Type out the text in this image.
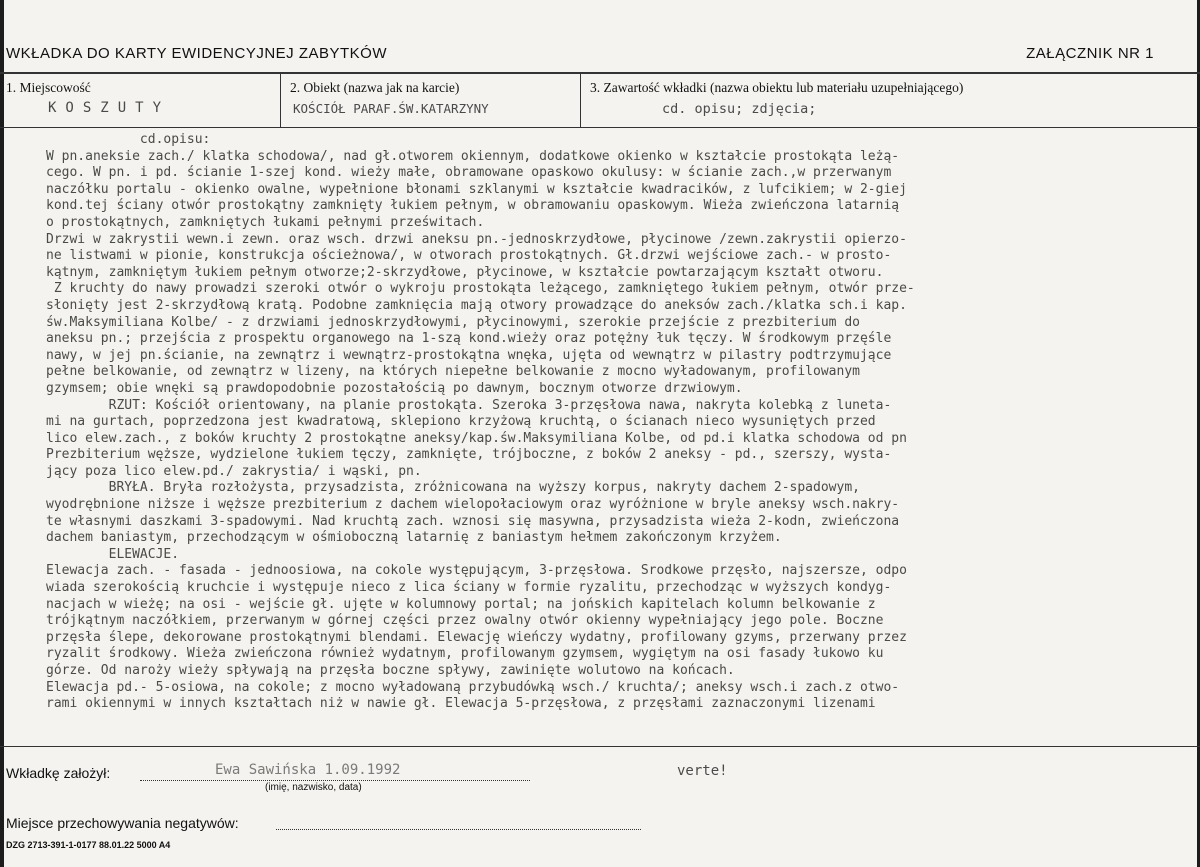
WKŁADKA DO KARTY EWIDENCYJNEJ ZABYTKÓW	ZAŁĄCZNIK NR 1
1. Miejscowość
KOSZUTY
2. Obiekt (nazwa jak na karcie)
KOŚCIÓŁ PARAF.ŚW.KATARZYNY
3. Zawartość wkładki (nazwa obiektu lub materiału uzupełniającego)
cd. opisu; zdjęcia;
cd.opisu:
W pn.aneksie zach./ klatka schodowa/, nad gł.otworem okiennym, dodatkowe okienko w kształcie prostokąta leżą-
cego. W pn. i pd. ścianie 1-szej kond. wieży małe, obramowane opaskowo okulusy: w ścianie zach.,w przerwanym
naczółku portalu - okienko owalne, wypełnione błonami szklanymi w kształcie kwadracików, z lufcikiem; w 2-giej
kond.tej ściany otwór prostokątny zamknięty łukiem pełnym, w obramowaniu opaskowym. Wieża zwieńczona latarnią
o prostokątnych, zamkniętych łukami pełnymi prześwitach.
Drzwi w zakrystii wewn.i zewn. oraz wsch. drzwi aneksu pn.-jednoskrzydłowe, płycinowe /zewn.zakrystii opierzo-
ne listwami w pionie, konstrukcja ościeżnowa/, w otworach prostokątnych. Gł.drzwi wejściowe zach.- w prosto-
kątnym, zamkniętym łukiem pełnym otworze;2-skrzydłowe, płycinowe, w kształcie powtarzającym kształt otworu.
Z kruchty do nawy prowadzi szeroki otwór o wykroju prostokąta leżącego, zamkniętego łukiem pełnym, otwór prze-
słonięty jest 2-skrzydłową kratą. Podobne zamknięcia mają otwory prowadzące do aneksów zach./klatka sch.i kap.
św.Maksymiliana Kolbe/ - z drzwiami jednoskrzydłowymi, płycinowymi, szerokie przejście z prezbiterium do
aneksu pn.; przejścia z prospektu organowego na 1-szą kond.wieży oraz potężny łuk tęczy. W środkowym przęśle
nawy, w jej pn.ścianie, na zewnątrz i wewnątrz-prostokątna wnęka, ujęta od wewnątrz w pilastry podtrzymujące
pełne belkowanie, od zewnątrz w lizeny, na których niepełne belkowanie z mocno wyładowanym, profilowanym
gzymsem; obie wnęki są prawdopodobnie pozostałością po dawnym, bocznym otworze drzwiowym.
RZUT: Kościół orientowany, na planie prostokąta. Szeroka 3-przęsłowa nawa, nakryta kolebką z luneta-
mi na gurtach, poprzedzona jest kwadratową, sklepiono krzyżową kruchtą, o ścianach nieco wysuniętych przed
lico elew.zach., z boków kruchty 2 prostokątne aneksy/kap.św.Maksymiliana Kolbe, od pd.i klatka schodowa od pn
Prezbiterium węższe, wydzielone łukiem tęczy, zamknięte, trójboczne, z boków 2 aneksy - pd., szerszy, wysta-
jący poza lico elew.pd./ zakrystia/ i wąski, pn.
BRYŁA. Bryła rozłożysta, przysadzista, zróżnicowana na wyższy korpus, nakryty dachem 2-spadowym,
wyodrębnione niższe i węższe prezbiterium z dachem wielopołaciowym oraz wyróżnione w bryle aneksy wsch.nakry-
te własnymi daszkami 3-spadowymi. Nad kruchtą zach. wznosi się masywna, przysadzista wieża 2-kodn, zwieńczona
dachem baniastym, przechodzącym w ośmioboczną latarnię z baniastym hełmem zakończonym krzyżem.
ELEWACJE.
Elewacja zach. - fasada - jednoosiowa, na cokole występującym, 3-przęsłowa. Środkowe przęsło, najszersze, odpo
wiada szerokością kruchcie i występuje nieco z lica ściany w formie ryzalitu, przechodząc w wyższych kondyg-
nacjach w wieżę; na osi - wejście gł. ujęte w kolumnowy portal; na jońskich kapitelach kolumn belkowanie z
trójkątnym naczółkiem, przerwanym w górnej części przez owalny otwór okienny wypełniający jego pole. Boczne
przęsła ślepe, dekorowane prostokątnymi blendami. Elewację wieńczy wydatny, profilowany gzyms, przerwany przez
ryzalit środkowy. Wieża zwieńczona również wydatnym, profilowanym gzymsem, wygiętym na osi fasady łukowo ku
górze. Od naroży wieży spływają na przęsła boczne spływy, zawinięte wolutowo na końcach.
Elewacja pd.- 5-osiowa, na cokole; z mocno wyładowaną przybudówką wsch./ kruchta/; aneksy wsch.i zach.z otwo-
rami okiennymi w innych kształtach niż w nawie gł. Elewacja 5-przęsłowa, z przęsłami zaznaczonymi lizenami
Wkładkę założył:	Ewa Sawińska 1.09.1992
(imię, nazwisko, data)
verte!
Miejsce przechowywania negatywów:
DZG 2713-391-1-0177 88.01.22 5000 A4
